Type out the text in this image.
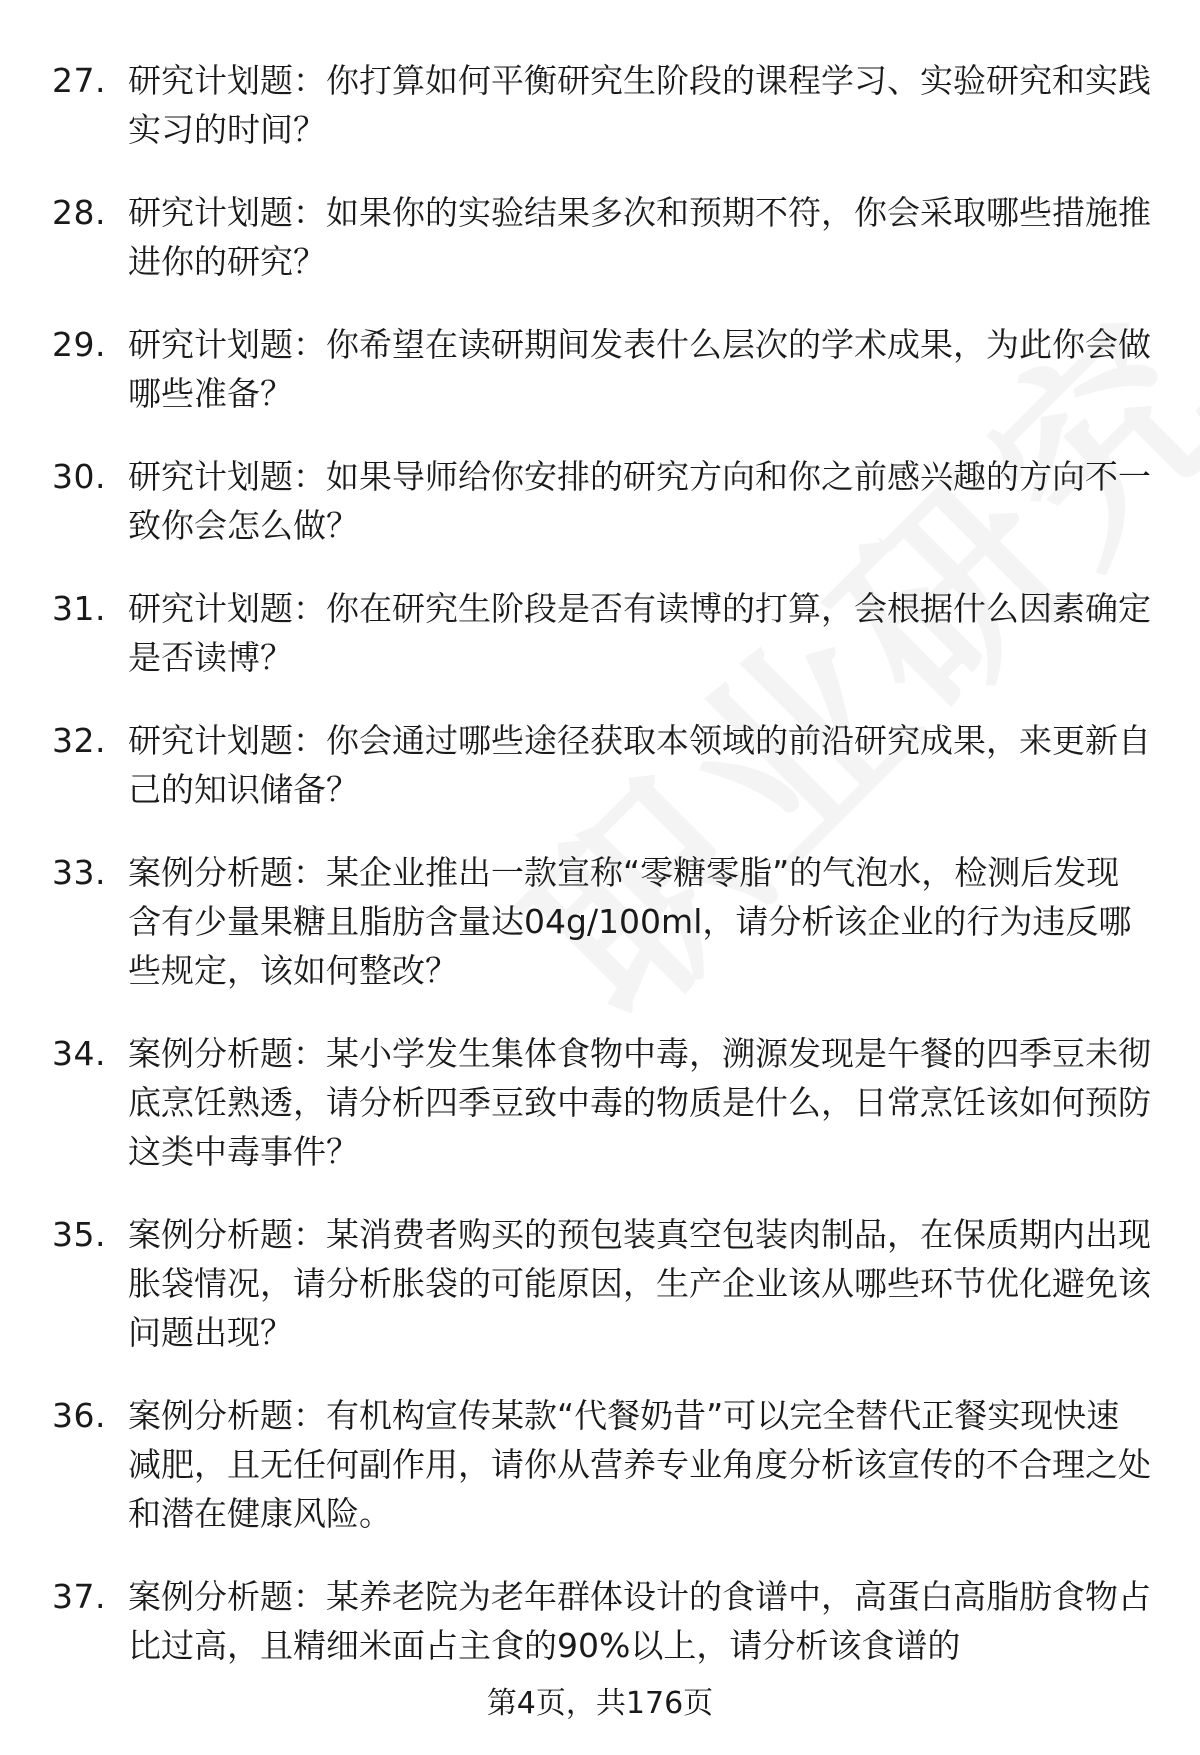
27. 研究计划题：你打算如何平衡研究生阶段的课程学习、实验研究和实践实习的时间？
28. 研究计划题：如果你的实验结果多次和预期不符，你会采取哪些措施推进你的研究？
29. 研究计划题：你希望在读研期间发表什么层次的学术成果，为此你会做哪些准备？
30. 研究计划题：如果导师给你安排的研究方向和你之前感兴趣的方向不一致你会怎么做？
31. 研究计划题：你在研究生阶段是否有读博的打算，会根据什么因素确定是否读博？
32. 研究计划题：你会通过哪些途径获取本领域的前沿研究成果，来更新自己的知识储备？
33. 案例分析题：某企业推出一款宣称“零糖零脂”的气泡水，检测后发现含有少量果糖且脂肪含量达04g/100ml，请分析该企业的行为违反哪些规定，该如何整改？
34. 案例分析题：某小学发生集体食物中毒，溯源发现是午餐的四季豆未彻底烹饪熟透，请分析四季豆致中毒的物质是什么，日常烹饪该如何预防这类中毒事件？
35. 案例分析题：某消费者购买的预包装真空包装肉制品，在保质期内出现胀袋情况，请分析胀袋的可能原因，生产企业该从哪些环节优化避免该问题出现？
36. 案例分析题：有机构宣传某款“代餐奶昔”可以完全替代正餐实现快速减肥，且无任何副作用，请你从营养专业角度分析该宣传的不合理之处和潜在健康风险。
37. 案例分析题：某养老院为老年群体设计的食谱中，高蛋白高脂肪食物占比过高，且精细米面占主食的90%以上，请分析该食谱的
第4页，共176页
